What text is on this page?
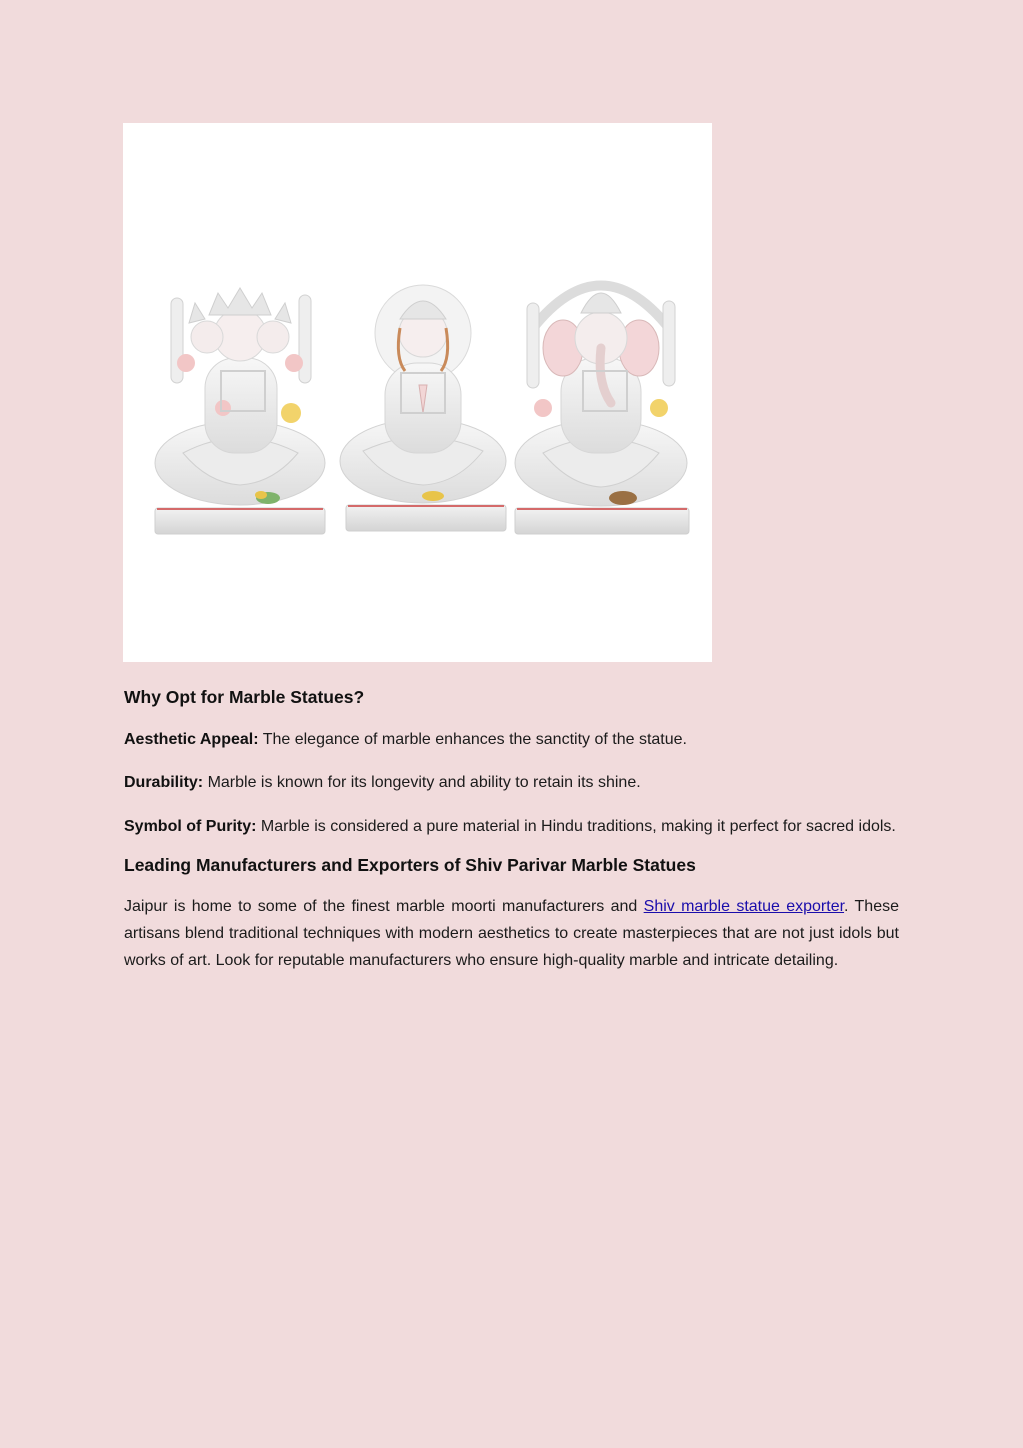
Why Opt for Marble Statues?

Aesthetic Appeal: The elegance of marble enhances the sanctity of the statue.

Durability: Marble is known for its longevity and ability to retain its shine.

Symbol of Purity: Marble is considered a pure material in Hindu traditions, making it perfect for sacred idols.

Leading Manufacturers and Exporters of Shiv Parivar Marble Statues

Jaipur is home to some of the finest marble moorti manufacturers and Shiv marble statue exporter. These artisans blend traditional techniques with modern aesthetics to create masterpieces that are not just idols but works of art. Look for reputable manufacturers who ensure high-quality marble and intricate detailing.
